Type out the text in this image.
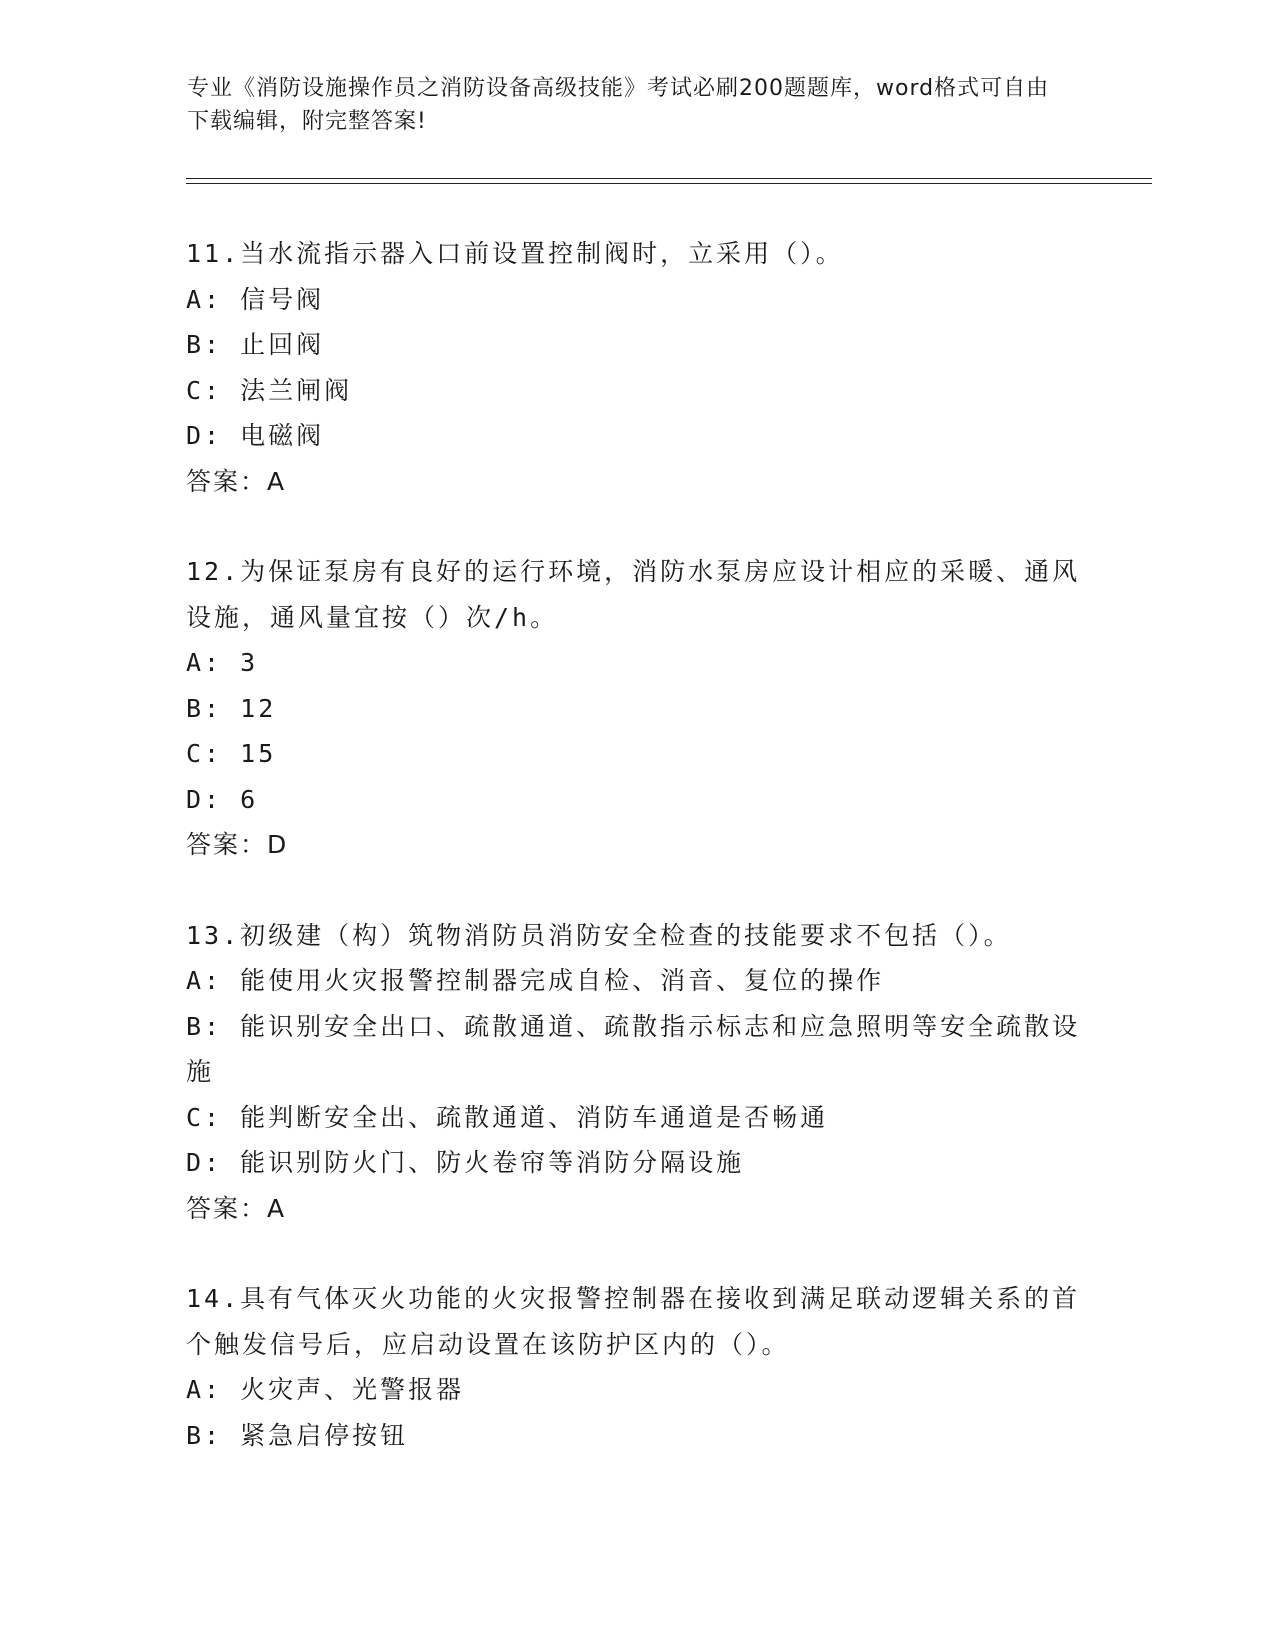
专业《消防设施操作员之消防设备高级技能》考试必刷200题题库，word格式可自由下载编辑，附完整答案!

11.当水流指示器入口前设置控制阀时，立采用（）。

A: 信号阀

B: 止回阀

C: 法兰闸阀

D: 电磁阀

答案：A

12.为保证泵房有良好的运行环境，消防水泵房应设计相应的采暖、通风设施，通风量宜按（）次/h。

A: 3

B: 12

C: 15

D: 6

答案：D

13.初级建（构）筑物消防员消防安全检查的技能要求不包括（）。

A: 能使用火灾报警控制器完成自检、消音、复位的操作

B: 能识别安全出口、疏散通道、疏散指示标志和应急照明等安全疏散设施

C: 能判断安全出、疏散通道、消防车通道是否畅通

D: 能识别防火门、防火卷帘等消防分隔设施

答案：A

14.具有气体灭火功能的火灾报警控制器在接收到满足联动逻辑关系的首个触发信号后，应启动设置在该防护区内的（）。

A: 火灾声、光警报器

B: 紧急启停按钮
